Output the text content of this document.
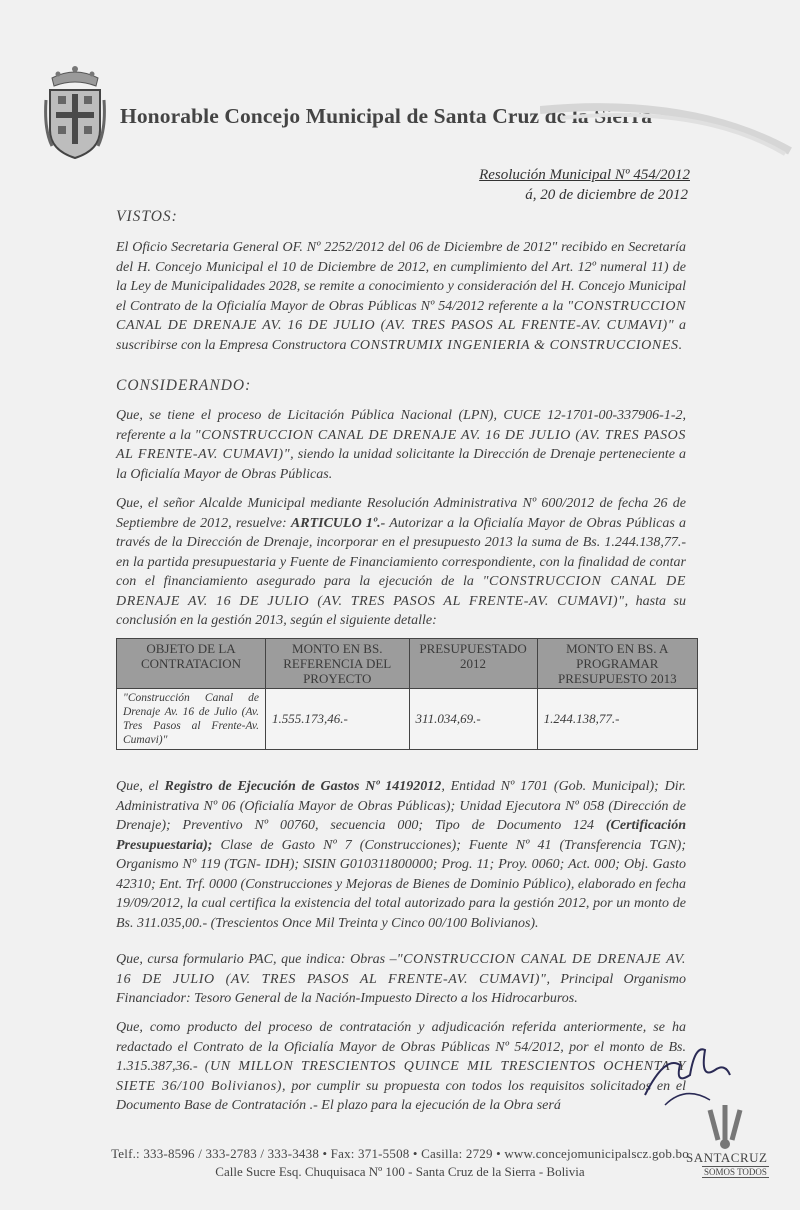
Honorable Concejo Municipal de Santa Cruz de la Sierra
Resolución Municipal Nº 454/2012
á, 20 de diciembre de 2012
VISTOS:

El Oficio Secretaria General OF. Nº 2252/2012 del 06 de Diciembre de 2012" recibido en Secretaría del H. Concejo Municipal el 10 de Diciembre de 2012, en cumplimiento del Art. 12º numeral 11) de la Ley de Municipalidades 2028, se remite a conocimiento y consideración del H. Concejo Municipal el Contrato de la Oficialía Mayor de Obras Públicas Nº 54/2012 referente a la "CONSTRUCCION CANAL DE DRENAJE AV. 16 DE JULIO (AV. TRES PASOS AL FRENTE-AV. CUMAVI)" a suscribirse con la Empresa Constructora CONSTRUMIX INGENIERIA & CONSTRUCCIONES.

CONSIDERANDO:

Que, se tiene el proceso de Licitación Pública Nacional (LPN), CUCE 12-1701-00-337906-1-2, referente a la "CONSTRUCCION CANAL DE DRENAJE AV. 16 DE JULIO (AV. TRES PASOS AL FRENTE-AV. CUMAVI)", siendo la unidad solicitante la Dirección de Drenaje perteneciente a la Oficialía Mayor de Obras Públicas.

Que, el señor Alcalde Municipal mediante Resolución Administrativa Nº 600/2012 de fecha 26 de Septiembre de 2012, resuelve: ARTICULO 1º.- Autorizar a la Oficialía Mayor de Obras Públicas a través de la Dirección de Drenaje, incorporar en el presupuesto 2013 la suma de Bs. 1.244.138,77.- en la partida presupuestaria y Fuente de Financiamiento correspondiente, con la finalidad de contar con el financiamiento asegurado para la ejecución de la "CONSTRUCCION CANAL DE DRENAJE AV. 16 DE JULIO (AV. TRES PASOS AL FRENTE-AV. CUMAVI)", hasta su conclusión en la gestión 2013, según el siguiente detalle:

OBJETO DE LA CONTRATACION	MONTO EN BS. REFERENCIA DEL PROYECTO	PRESUPUESTADO 2012	MONTO EN BS. A PROGRAMAR PRESUPUESTO 2013
"Construcción Canal de Drenaje Av. 16 de Julio (Av. Tres Pasos al Frente-Av. Cumavi)"	1.555.173,46.-	311.034,69.-	1.244.138,77.-

Que, el Registro de Ejecución de Gastos Nº 14192012, Entidad Nº 1701 (Gob. Municipal); Dir. Administrativa Nº 06 (Oficialía Mayor de Obras Públicas); Unidad Ejecutora Nº 058 (Dirección de Drenaje); Preventivo Nº 00760, secuencia 000; Tipo de Documento 124 (Certificación Presupuestaria); Clase de Gasto Nº 7 (Construcciones); Fuente Nº 41 (Transferencia TGN); Organismo Nº 119 (TGN- IDH); SISIN G010311800000; Prog. 11; Proy. 0060; Act. 000; Obj. Gasto 42310; Ent. Trf. 0000 (Construcciones y Mejoras de Bienes de Dominio Público), elaborado en fecha 19/09/2012, la cual certifica la existencia del total autorizado para la gestión 2012, por un monto de Bs. 311.035,00.- (Trescientos Once Mil Treinta y Cinco 00/100 Bolivianos).

Que, cursa formulario PAC, que indica: Obras –"CONSTRUCCION CANAL DE DRENAJE AV. 16 DE JULIO (AV. TRES PASOS AL FRENTE-AV. CUMAVI)", Principal Organismo Financiador: Tesoro General de la Nación-Impuesto Directo a los Hidrocarburos.

Que, como producto del proceso de contratación y adjudicación referida anteriormente, se ha redactado el Contrato de la Oficialía Mayor de Obras Públicas Nº 54/2012, por el monto de Bs. 1.315.387,36.- (UN MILLON TRESCIENTOS QUINCE MIL TRESCIENTOS OCHENTA Y SIETE 36/100 Bolivianos), por cumplir su propuesta con todos los requisitos solicitados en el Documento Base de Contratación .- El plazo para la ejecución de la Obra será

SANTACRUZ
SOMOS TODOS
Telf.: 333-8596 / 333-2783 / 333-3438 • Fax: 371-5508 • Casilla: 2729 • www.concejomunicipalscz.gob.bo
Calle Sucre Esq. Chuquisaca Nº 100 - Santa Cruz de la Sierra - Bolivia
